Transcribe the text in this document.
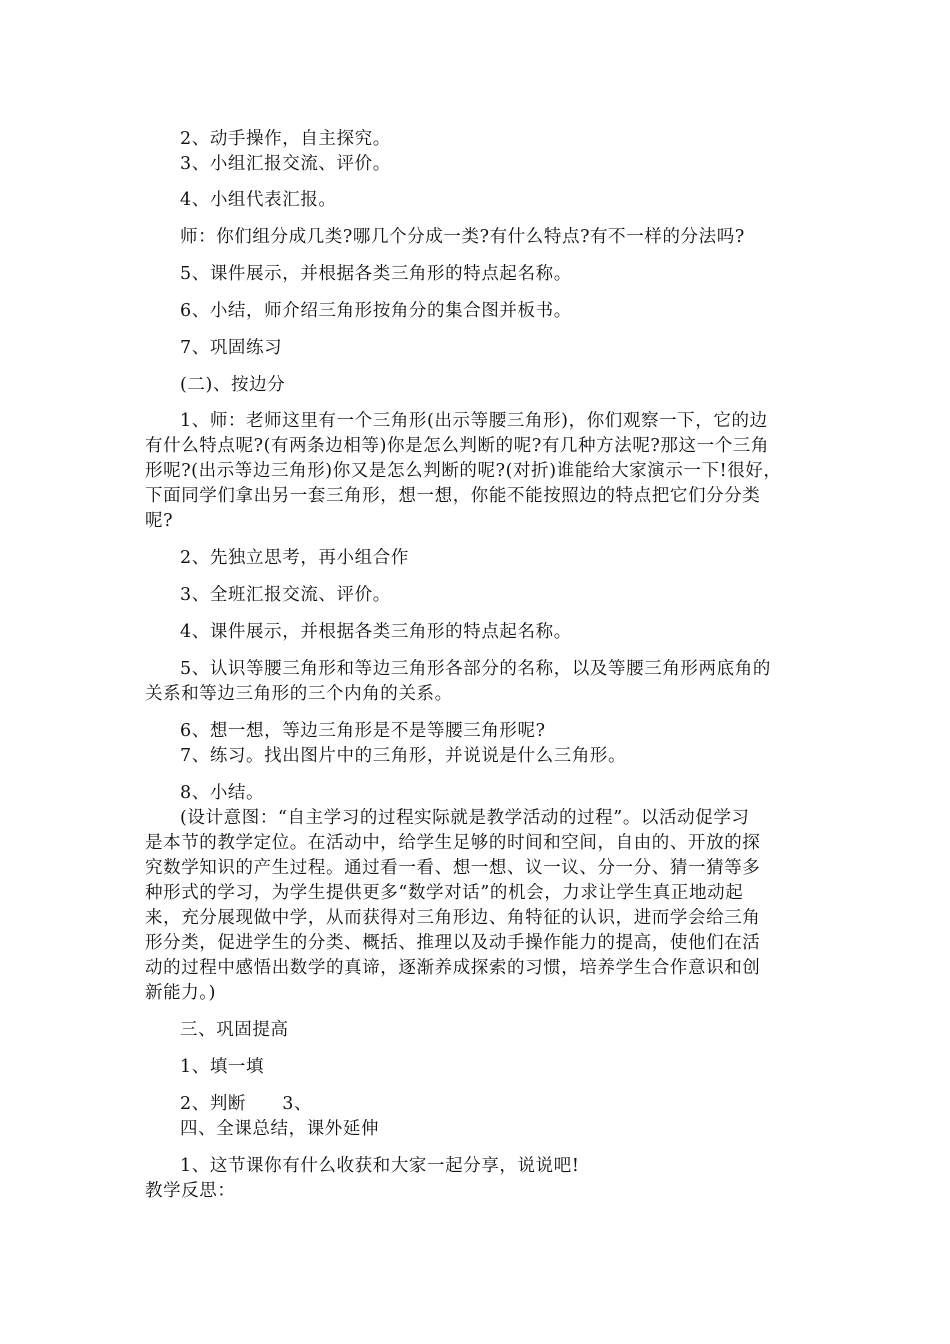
2、动手操作，自主探究。
3、小组汇报交流、评价。
4、小组代表汇报。
师：你们组分成几类?哪几个分成一类?有什么特点?有不一样的分法吗?
5、课件展示，并根据各类三角形的特点起名称。
6、小结，师介绍三角形按角分的集合图并板书。
7、巩固练习
(二)、按边分
1、师：老师这里有一个三角形(出示等腰三角形)，你们观察一下，它的边
有什么特点呢?(有两条边相等)你是怎么判断的呢?有几种方法呢?那这一个三角
形呢?(出示等边三角形)你又是怎么判断的呢?(对折)谁能给大家演示一下!很好，
下面同学们拿出另一套三角形，想一想，你能不能按照边的特点把它们分分类
呢?
2、先独立思考，再小组合作
3、全班汇报交流、评价。
4、课件展示，并根据各类三角形的特点起名称。
5、认识等腰三角形和等边三角形各部分的名称，以及等腰三角形两底角的
关系和等边三角形的三个内角的关系。
6、想一想，等边三角形是不是等腰三角形呢?
7、练习。找出图片中的三角形，并说说是什么三角形。
8、小结。
(设计意图：“自主学习的过程实际就是教学活动的过程”。以活动促学习
是本节的教学定位。在活动中，给学生足够的时间和空间，自由的、开放的探
究数学知识的产生过程。通过看一看、想一想、议一议、分一分、猜一猜等多
种形式的学习，为学生提供更多“数学对话”的机会，力求让学生真正地动起
来，充分展现做中学，从而获得对三角形边、角特征的认识，进而学会给三角
形分类，促进学生的分类、概括、推理以及动手操作能力的提高，使他们在活
动的过程中感悟出数学的真谛，逐渐养成探索的习惯，培养学生合作意识和创
新能力。)
三、巩固提高
1、填一填
2、判断　　3、
四、全课总结，课外延伸
1、这节课你有什么收获和大家一起分享，说说吧!
教学反思：
